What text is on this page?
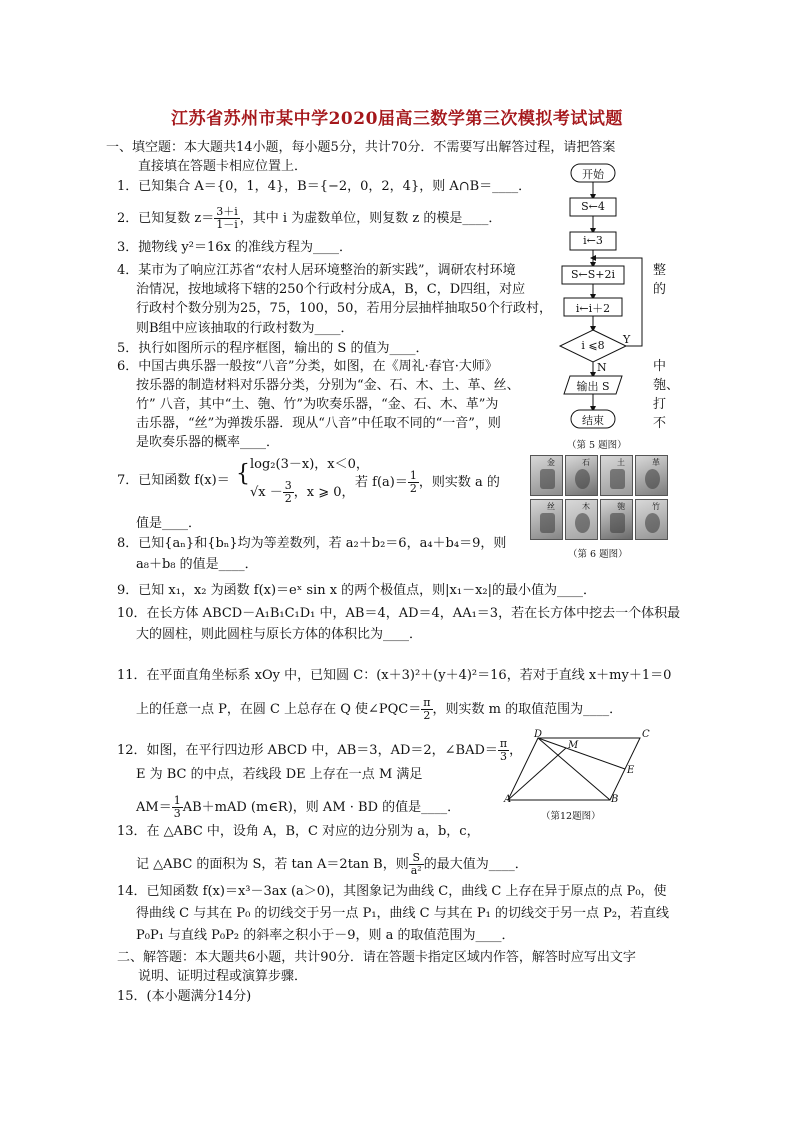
江苏省苏州市某中学2020届高三数学第三次模拟考试试题
一、填空题：本大题共14小题，每小题5分，共计70分．不需要写出解答过程，请把答案
直接填在答题卡相应位置上．
1．已知集合 A＝{0，1，4}，B＝{−2，0，2，4}，则 A∩B＝____．
2．已知复数 $z= \frac{3+i}{1-i}$ ，其中 i 为虚数单位，则复数 z 的模是____．
3．抛物线 y²＝16x 的准线方程为____．
4．某市为了响应江苏省“农村人居环境整治的新实践”，调研农村环境
治情况，按地域将下辖的250个行政村分成A，B，C，D四组，对应
行政村个数分别为25，75，100，50，若用分层抽样抽取50个行政村，
则B组中应该抽取的行政村数为____．
整
的
5．执行如图所示的程序框图，输出的 S 的值为____．
6．中国古典乐器一般按“八音”分类，如图，在《周礼·春官·大师》
按乐器的制造材料对乐器分类，分别为“金、石、木、土、革、丝、
竹” 八音，其中“土、匏、竹”为吹奏乐器，“金、石、木、革”为
击乐器，“丝”为弹拨乐器．现从“八音”中任取不同的“一音”，则
是吹奏乐器的概率____．
中
匏、
打
不
7．已知函数 f(x)＝ { log₂(3－x)，x＜0，
$√x - \frac{3}{2}$ ，x ⩾ 0，
若 $f(a)= \frac{1}{2}$ ，则实数 a 的
值是____．
8．已知{aₙ}和{bₙ}均为等差数列，若 a₂＋b₂＝6，a₄＋b₄＝9，则
a₈＋b₈ 的值是____．
9．已知 x₁，x₂ 为函数 f(x)＝eˣ sin x 的两个极值点，则|x₁－x₂|的最小值为____．
10．在长方体 ABCD－A₁B₁C₁D₁ 中，AB＝4，AD＝4，AA₁＝3，若在长方体中挖去一个体积最
大的圆柱，则此圆柱与原长方体的体积比为____．
11．在平面直角坐标系 xOy 中，已知圆 C：(x＋3)²＋(y＋4)²＝16，若对于直线 x＋my＋1＝0
上的任意一点 P，在圆 C 上总存在 Q 使∠PQC＝ $\frac{\pi}{2}$ ，则实数 m 的取值范围为____．
12．如图，在平行四边形 ABCD 中，AB＝3，AD＝2，∠BAD＝ $\frac{\pi}{3}$ ，
E 为 BC 的中点，若线段 DE 上存在一点 M 满足
$AM= \frac{1}{3} AB+mAD$ (m∈R)，则 AM · BD 的值是____．
13．在 △ABC 中，设角 A，B，C 对应的边分别为 a，b，c，
记 △ABC 的面积为 S，若 tan A＝2tan B，则 $\frac{S}{\text{a²}}$ 的最大值为____．
14．已知函数 f(x)＝x³－3ax (a＞0)，其图象记为曲线 C，曲线 C 上存在异于原点的点 P₀，使
得曲线 C 与其在 P₀ 的切线交于另一点 P₁，曲线 C 与其在 P₁ 的切线交于另一点 P₂，若直线
P₀P₁ 与直线 P₀P₂ 的斜率之积小于－9，则 a 的取值范围为____．
二、解答题：本大题共6小题，共计90分．请在答题卡指定区域内作答，解答时应写出文字
说明、证明过程或演算步骤．
15．(本小题满分14分)
开始
S←4
i←3
S←S+2i
i←i＋2
i ⩽8	Y
N
输出 S
结束
（第 5 题图）
金	石	土	革
丝	木	匏	竹
（第 6 题图）
A	B
C
D
E
M
（第12题图）
